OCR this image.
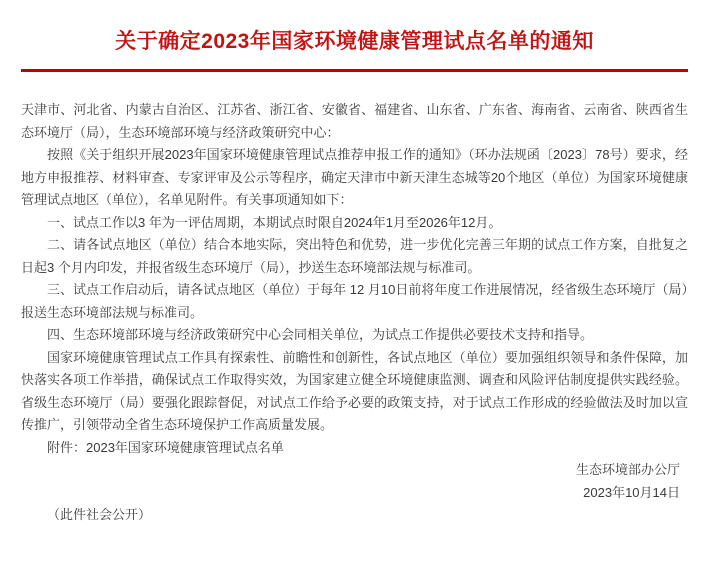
关于确定2023年国家环境健康管理试点名单的通知

天津市、河北省、内蒙古自治区、江苏省、浙江省、安徽省、福建省、山东省、广东省、海南省、云南省、陕西省生态环境厅（局），生态环境部环境与经济政策研究中心：

按照《关于组织开展2023年国家环境健康管理试点推荐申报工作的通知》（环办法规函〔2023〕78号）要求，经地方申报推荐、材料审查、专家评审及公示等程序，确定天津市中新天津生态城等20个地区（单位）为国家环境健康管理试点地区（单位），名单见附件。有关事项通知如下：

一、试点工作以3 年为一评估周期，本期试点时限自2024年1月至2026年12月。

二、请各试点地区（单位）结合本地实际，突出特色和优势，进一步优化完善三年期的试点工作方案，自批复之日起3 个月内印发，并报省级生态环境厅（局），抄送生态环境部法规与标准司。

三、试点工作启动后，请各试点地区（单位）于每年 12 月10日前将年度工作进展情况，经省级生态环境厅（局）报送生态环境部法规与标准司。

四、生态环境部环境与经济政策研究中心会同相关单位，为试点工作提供必要技术支持和指导。

国家环境健康管理试点工作具有探索性、前瞻性和创新性，各试点地区（单位）要加强组织领导和条件保障，加快落实各项工作举措，确保试点工作取得实效，为国家建立健全环境健康监测、调查和风险评估制度提供实践经验。省级生态环境厅（局）要强化跟踪督促，对试点工作给予必要的政策支持，对于试点工作形成的经验做法及时加以宣传推广，引领带动全省生态环境保护工作高质量发展。

附件：2023年国家环境健康管理试点名单

生态环境部办公厅

2023年10月14日

（此件社会公开）
